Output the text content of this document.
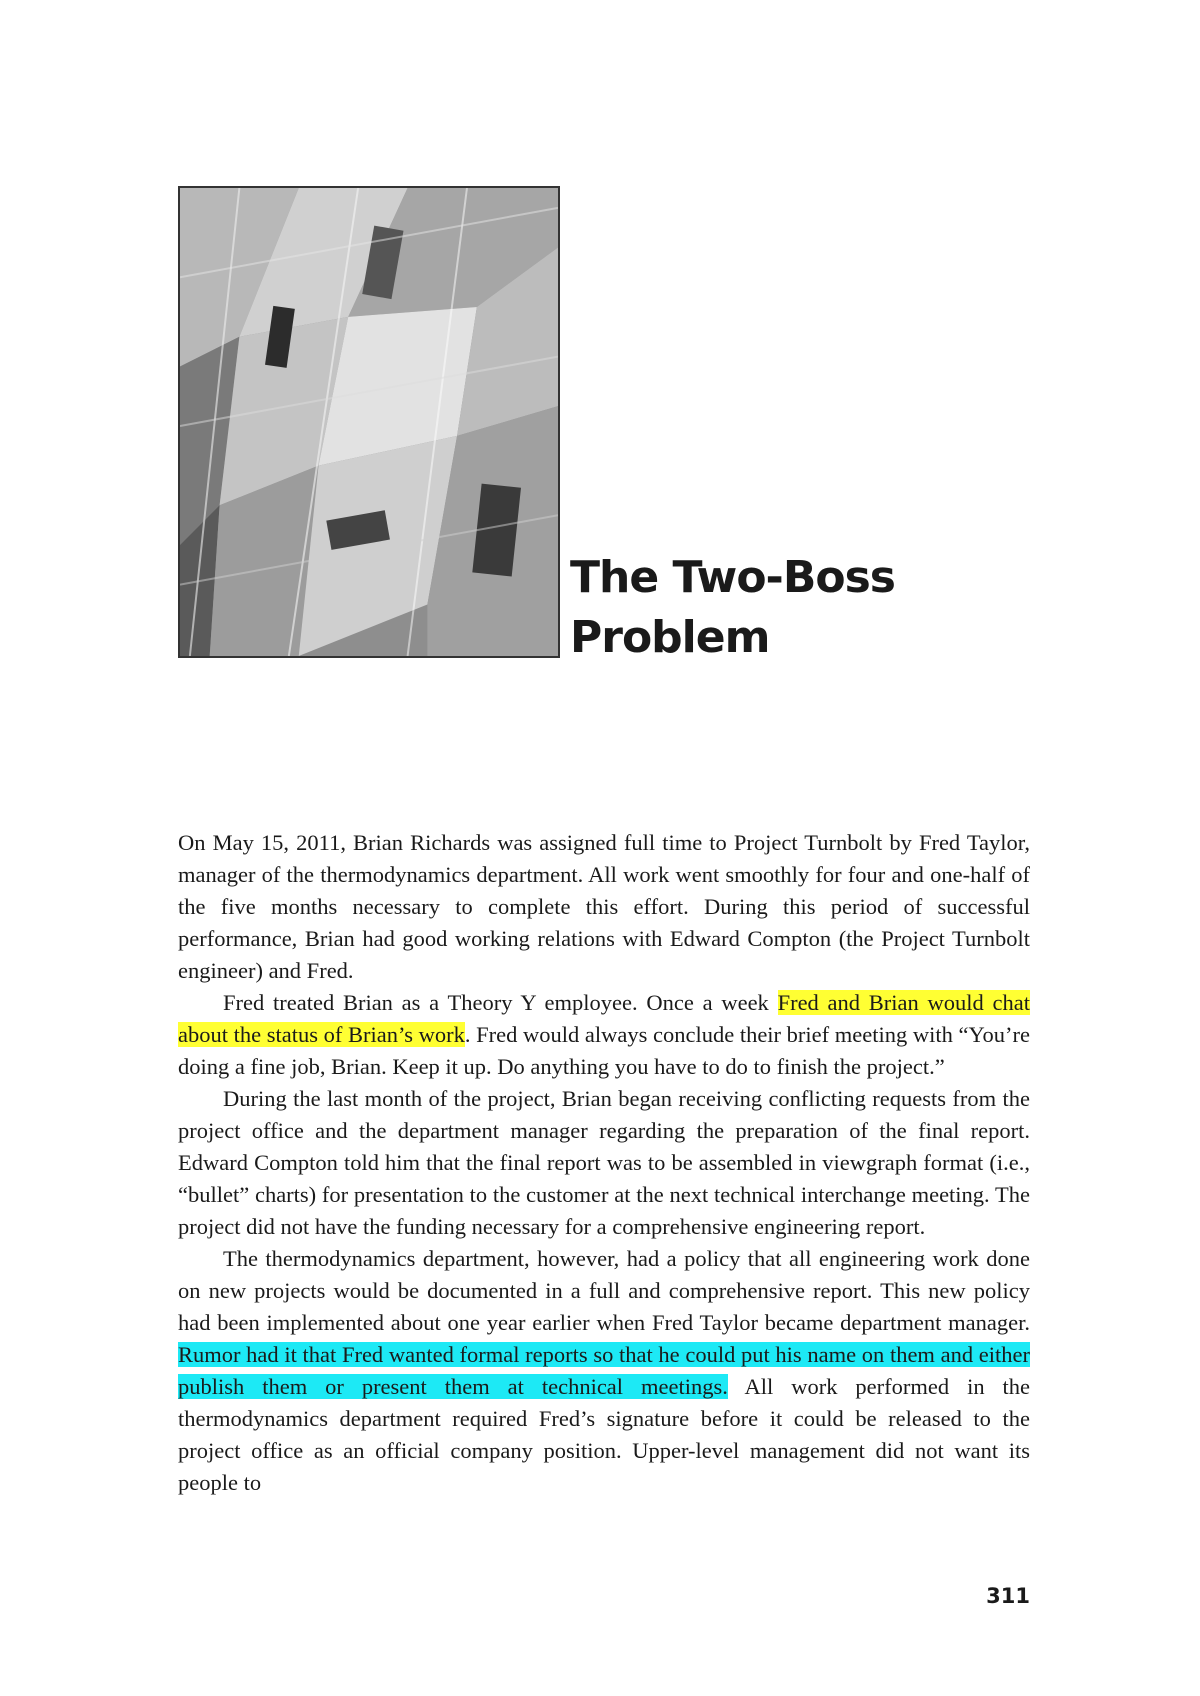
The Two-Boss
Problem

On May 15, 2011, Brian Richards was assigned full time to Project Turnbolt by Fred Taylor, manager of the thermodynamics department. All work went smoothly for four and one-half of the five months necessary to complete this effort. During this period of successful performance, Brian had good working relations with Edward Compton (the Project Turnbolt engineer) and Fred.

Fred treated Brian as a Theory Y employee. Once a week Fred and Brian would chat about the status of Brian’s work. Fred would always conclude their brief meeting with “You’re doing a fine job, Brian. Keep it up. Do anything you have to do to finish the project.”

During the last month of the project, Brian began receiving conflicting requests from the project office and the department manager regarding the preparation of the final report. Edward Compton told him that the final report was to be assembled in viewgraph format (i.e., “bullet” charts) for presentation to the customer at the next technical interchange meeting. The project did not have the funding necessary for a comprehensive engineering report.

The thermodynamics department, however, had a policy that all engineering work done on new projects would be documented in a full and comprehensive report. This new policy had been implemented about one year earlier when Fred Taylor became department manager. Rumor had it that Fred wanted formal reports so that he could put his name on them and either publish them or present them at technical meetings. All work performed in the thermodynamics department required Fred’s signature before it could be released to the project office as an official company position. Upper-level management did not want its people to

311
